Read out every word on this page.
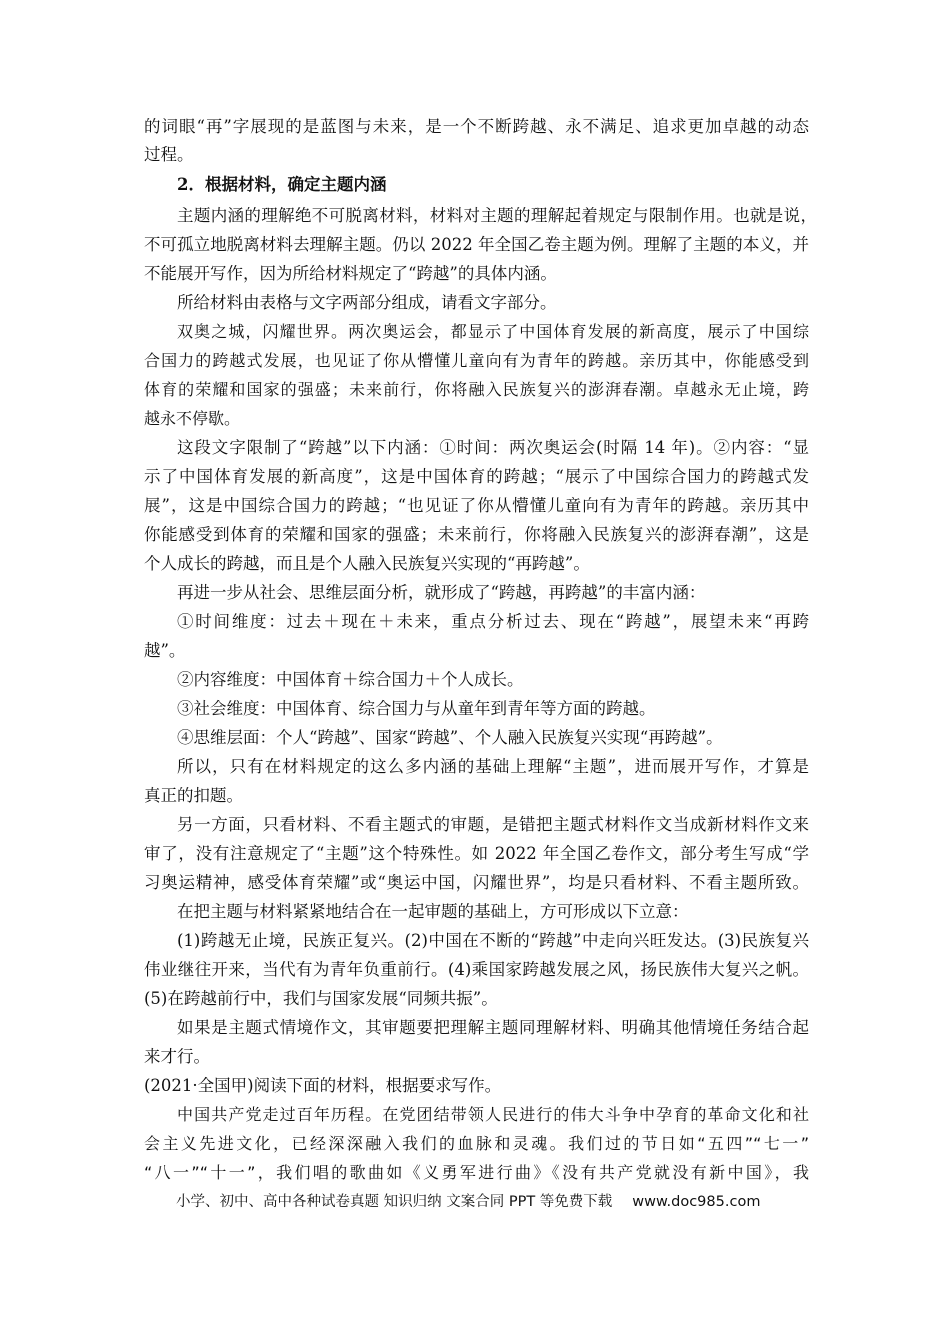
的词眼“再”字展现的是蓝图与未来，是一个不断跨越、永不满足、追求更加卓越的动态
过程。
2．根据材料，确定主题内涵
主题内涵的理解绝不可脱离材料，材料对主题的理解起着规定与限制作用。也就是说，
不可孤立地脱离材料去理解主题。仍以 2022 年全国乙卷主题为例。理解了主题的本义，并
不能展开写作，因为所给材料规定了“跨越”的具体内涵。
所给材料由表格与文字两部分组成，请看文字部分。
双奥之城，闪耀世界。两次奥运会，都显示了中国体育发展的新高度，展示了中国综
合国力的跨越式发展，也见证了你从懵懂儿童向有为青年的跨越。亲历其中，你能感受到
体育的荣耀和国家的强盛；未来前行，你将融入民族复兴的澎湃春潮。卓越永无止境，跨
越永不停歇。
这段文字限制了“跨越”以下内涵：①时间：两次奥运会(时隔 14 年)。②内容：“显
示了中国体育发展的新高度”，这是中国体育的跨越；“展示了中国综合国力的跨越式发
展”，这是中国综合国力的跨越；“也见证了你从懵懂儿童向有为青年的跨越。亲历其中
你能感受到体育的荣耀和国家的强盛；未来前行，你将融入民族复兴的澎湃春潮”，这是
个人成长的跨越，而且是个人融入民族复兴实现的“再跨越”。
再进一步从社会、思维层面分析，就形成了“跨越，再跨越”的丰富内涵：
①时间维度：过去＋现在＋未来，重点分析过去、现在“跨越”，展望未来“再跨
越”。
②内容维度：中国体育＋综合国力＋个人成长。
③社会维度：中国体育、综合国力与从童年到青年等方面的跨越。
④思维层面：个人“跨越”、国家“跨越”、个人融入民族复兴实现“再跨越”。
所以，只有在材料规定的这么多内涵的基础上理解“主题”，进而展开写作，才算是
真正的扣题。
另一方面，只看材料、不看主题式的审题，是错把主题式材料作文当成新材料作文来
审了，没有注意规定了“主题”这个特殊性。如 2022 年全国乙卷作文，部分考生写成“学
习奥运精神，感受体育荣耀”或“奥运中国，闪耀世界”，均是只看材料、不看主题所致。
在把主题与材料紧紧地结合在一起审题的基础上，方可形成以下立意：
(1)跨越无止境，民族正复兴。(2)中国在不断的“跨越”中走向兴旺发达。(3)民族复兴
伟业继往开来，当代有为青年负重前行。(4)乘国家跨越发展之风，扬民族伟大复兴之帆。
(5)在跨越前行中，我们与国家发展“同频共振”。
如果是主题式情境作文，其审题要把理解主题同理解材料、明确其他情境任务结合起
来才行。
(2021·全国甲)阅读下面的材料，根据要求写作。
中国共产党走过百年历程。在党团结带领人民进行的伟大斗争中孕育的革命文化和社
会主义先进文化，已经深深融入我们的血脉和灵魂。我们过的节日如“五四”“七一”
“八一”“十一”，我们唱的歌曲如《义勇军进行曲》《没有共产党就没有新中国》，我
小学、初中、高中各种试卷真题 知识归纳 文案合同 PPT 等免费下载 www.doc985.com
